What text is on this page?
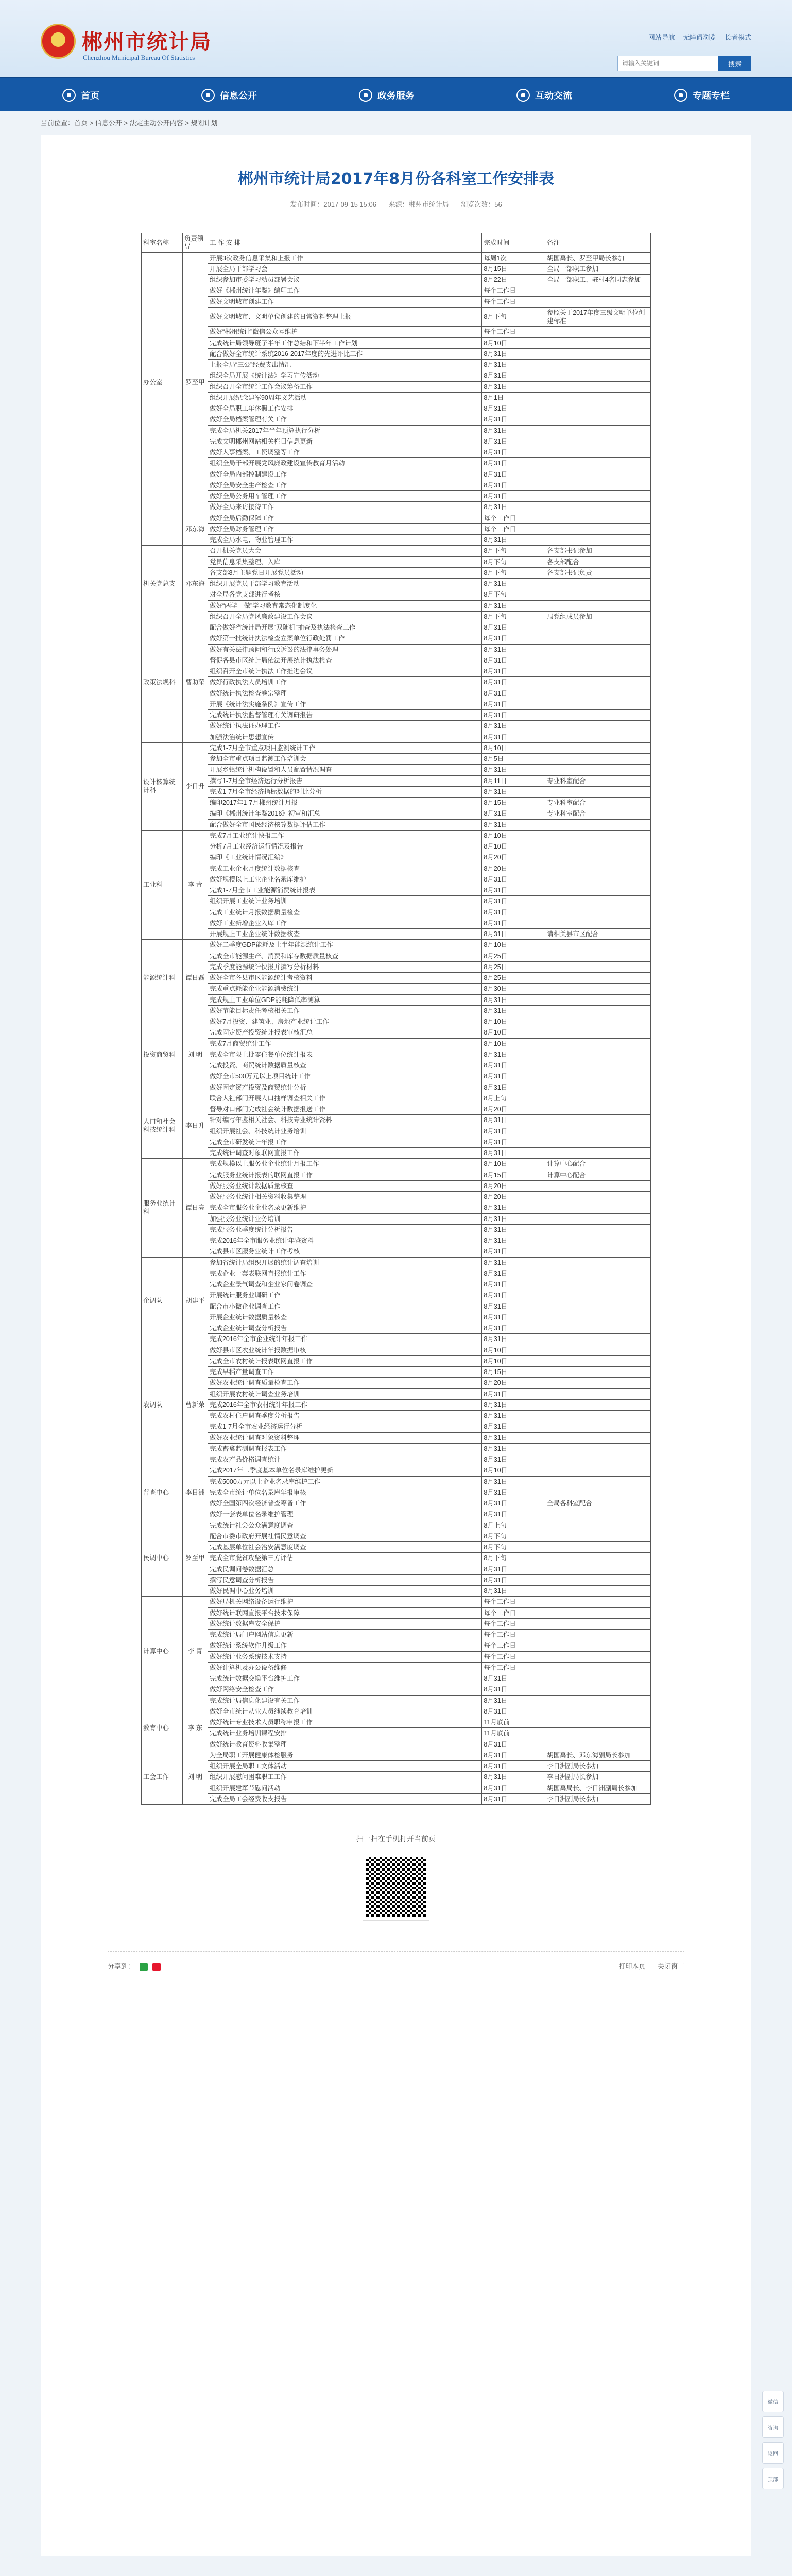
郴州市统计局
Chenzhou Municipal Bureau Of Statistics
网站导航 无障碍浏览 长者模式
请输入关键词
搜索
首页	信息公开	政务服务	互动交流	专题专栏
当前位置：首页 > 信息公开 > 法定主动公开内容 > 规划计划
郴州市统计局2017年8月份各科室工作安排表
发布时间：2017-09-15 15:06 来源：郴州市统计局 浏览次数：56
科室名称	负责领导	工 作 安 排	完成时间	备注
办公室	罗至甲	开展3次政务信息采集和上报工作	每周1次	胡国禹长、罗至甲局长参加
		开展全局干部学习会	8月15日	全局干部职工参加
		组织参加市委学习动员部署会议	8月22日	全局干部职工、驻村4名同志参加
		做好《郴州统计年鉴》编印工作	每个工作日	
		做好文明城市创建工作	每个工作日	
		做好文明城市、文明单位创建的日常资料整理上报	8月下旬	参照关于2017年度三级文明单位创建标准
		做好“郴州统计”微信公众号维护	每个工作日	
		完成统计局领导班子半年工作总结和下半年工作计划	8月10日	
		配合做好全市统计系统2016-2017年度的先进评比工作	8月31日	
		上报全局“三公”经费支出情况	8月31日	
		组织全局开展《统计法》学习宣传活动	8月31日	
		组织召开全市统计工作会议筹备工作	8月31日	
		组织开展纪念建军90周年文艺活动	8月1日	
		做好全局职工年休假工作安排	8月31日	
		做好全局档案管理有关工作	8月31日	
		完成全局机关2017年半年预算执行分析	8月31日	
		完成文明郴州网站相关栏目信息更新	8月31日	
		做好人事档案、工资调整等工作	8月31日	
		组织全局干部开展党风廉政建设宣传教育月活动	8月31日	
		做好全局内部控制建设工作	8月31日	
		做好全局安全生产检查工作	8月31日	
		做好全局公务用车管理工作	8月31日	
		做好全局来访接待工作	8月31日	
	邓东海	做好全局后勤保障工作	每个工作日	
		做好全局财务管理工作	每个工作日	
		完成全局水电、物业管理工作	8月31日	
机关党总支	邓东海	召开机关党员大会	8月下旬	各支部书记参加
		党员信息采集整理、入库	8月下旬	各支部配合
		各支部8月主题党日开展党员活动	8月下旬	各支部书记负责
		组织开展党员干部学习教育活动	8月31日	
		对全局各党支部进行考核	8月下旬	
		做好“两学一做”学习教育常态化制度化	8月31日	
		组织召开全局党风廉政建设工作会议	8月下旬	局党组成员参加
政策法规科	曹助荣	配合做好省统计局开展“双随机”抽查及执法检查工作	8月31日	
		做好第一批统计执法检查立案单位行政处罚工作	8月31日	
		做好有关法律顾问和行政诉讼的法律事务处理	8月31日	
		督促各县市区统计局依法开展统计执法检查	8月31日	
		组织召开全市统计执法工作推进会议	8月31日	
		做好行政执法人员培训工作	8月31日	
		做好统计执法检查卷宗整理	8月31日	
		开展《统计法实施条例》宣传工作	8月31日	
		完成统计执法监督管理有关调研报告	8月31日	
		做好统计执法证办理工作	8月31日	
		加强法治统计思想宣传	8月31日	
设计核算统计科	李日升	完成1-7月全市重点项目监测统计工作	8月10日	
		参加全市重点项目监测工作培训会	8月5日	
		开展乡镇统计机构设置和人员配置情况调查	8月31日	
		撰写1-7月全市经济运行分析报告	8月11日	专业科室配合
		完成1-7月全市经济指标数据的对比分析	8月31日	
		编印2017年1-7月郴州统计月报	8月15日	专业科室配合
		编印《郴州统计年鉴2016》初审和汇总	8月31日	专业科室配合
		配合做好全市国民经济核算数据评估工作	8月31日	
工业科	李 青	完成7月工业统计快报工作	8月10日	
		分析7月工业经济运行情况及报告	8月10日	
		编印《工业统计情况汇编》	8月20日	
		完成工业企业月度统计数据核查	8月20日	
		做好规模以上工业企业名录库维护	8月31日	
		完成1-7月全市工业能源消费统计报表	8月31日	
		组织开展工业统计业务培训	8月31日	
		完成工业统计月报数据质量检查	8月31日	
		做好工业新增企业入库工作	8月31日	
		开展规上工业企业统计数据核查	8月31日	请相关县市区配合
能源统计科	谭日磊	做好二季度GDP能耗及上半年能源统计工作	8月10日	
		完成全市能源生产、消费和库存数据质量核查	8月25日	
		完成季度能源统计快报并撰写分析材料	8月25日	
		做好全市各县市区能源统计考核资料	8月25日	
		完成重点耗能企业能源消费统计	8月30日	
		完成规上工业单位GDP能耗降低率测算	8月31日	
		做好节能目标责任考核相关工作	8月31日	
投资商贸科	刘 明	做好7月投资、建筑业、房地产业统计工作	8月10日	
		完成固定资产投资统计报表审核汇总	8月10日	
		完成7月商贸统计工作	8月10日	
		完成全市限上批零住餐单位统计报表	8月31日	
		完成投资、商贸统计数据质量核查	8月31日	
		做好全市500万元以上项目统计工作	8月31日	
		做好固定资产投资及商贸统计分析	8月31日	
人口和社会科技统计科	李日升	联合人社部门开展人口抽样调查相关工作	8月上旬	
		督导对口部门完成社会统计数据报送工作	8月20日	
		针对编写年鉴相关社会、科技专业统计资料	8月31日	
		组织开展社会、科技统计业务培训	8月31日	
		完成全市研发统计年报工作	8月31日	
		完成统计调查对象联网直报工作	8月31日	
服务业统计科	谭日亮	完成规模以上服务业企业统计月报工作	8月10日	计算中心配合
		完成服务业统计报表的联网直报工作	8月15日	计算中心配合
		做好服务业统计数据质量核查	8月20日	
		做好服务业统计相关资料收集整理	8月20日	
		完成全市服务业企业名录更新维护	8月31日	
		加强服务业统计业务培训	8月31日	
		完成服务业季度统计分析报告	8月31日	
		完成2016年全市服务业统计年鉴资料	8月31日	
		完成县市区服务业统计工作考核	8月31日	
企调队	胡建平	参加省统计局组织开展的统计调查培训	8月31日	
		完成企业一套表联网直报统计工作	8月31日	
		完成企业景气调查和企业家问卷调查	8月31日	
		开展统计服务业调研工作	8月31日	
		配合市小微企业调查工作	8月31日	
		开展企业统计数据质量核查	8月31日	
		完成企业统计调查分析报告	8月31日	
		完成2016年全市企业统计年报工作	8月31日	
农调队	曹新荣	做好县市区农业统计年报数据审核	8月10日	
		完成全市农村统计报表联网直报工作	8月10日	
		完成早稻产量调查工作	8月15日	
		做好农业统计调查质量检查工作	8月20日	
		组织开展农村统计调查业务培训	8月31日	
		完成2016年全市农村统计年报工作	8月31日	
		完成农村住户调查季度分析报告	8月31日	
		完成1-7月全市农业经济运行分析	8月31日	
		做好农业统计调查对象资料整理	8月31日	
		完成畜禽监测调查报表工作	8月31日	
		完成农产品价格调查统计	8月31日	
普查中心	李日洲	完成2017年二季度基本单位名录库维护更新	8月10日	
		完成5000万元以上企业名录库维护工作	8月31日	
		完成全市统计单位名录库年报审核	8月31日	
		做好全国第四次经济普查筹备工作	8月31日	全局各科室配合
		做好一套表单位名录维护管理	8月31日	
民调中心	罗至甲	完成统计社会公众满意度调查	8月上旬	
		配合市委市政府开展社情民意调查	8月下旬	
		完成基层单位社会治安满意度调查	8月下旬	
		完成全市脱贫攻坚第三方评估	8月下旬	
		完成民调问卷数据汇总	8月31日	
		撰写民意调查分析报告	8月31日	
		做好民调中心业务培训	8月31日	
计算中心	李 青	做好局机关网络设备运行维护	每个工作日	
		做好统计联网直报平台技术保障	每个工作日	
		做好统计数据库安全保护	每个工作日	
		完成统计局门户网站信息更新	每个工作日	
		做好统计系统软件升级工作	每个工作日	
		做好统计业务系统技术支持	每个工作日	
		做好计算机及办公设备维修	每个工作日	
		完成统计数据交换平台维护工作	8月31日	
		做好网络安全检查工作	8月31日	
		完成统计局信息化建设有关工作	8月31日	
教育中心	李 东	做好全市统计从业人员继续教育培训	8月31日	
		做好统计专业技术人员职称申报工作	11月底前	
		完成统计业务培训课程安排	11月底前	
		做好统计教育资料收集整理	8月31日	
工会工作	刘 明	为全局职工开展健康体检服务	8月31日	胡国禹长、邓东海副局长参加
		组织开展全局职工文体活动	8月31日	李日洲副局长参加
		组织开展慰问困难职工工作	8月31日	李日洲副局长参加
		组织开展建军节慰问活动	8月31日	胡国禹局长、李日洲副局长参加
		完成全局工会经费收支报告	8月31日	李日洲副局长参加
扫一扫在手机打开当前页
分享到：	打印本页 关闭窗口
微信
咨询
返回
顶部
